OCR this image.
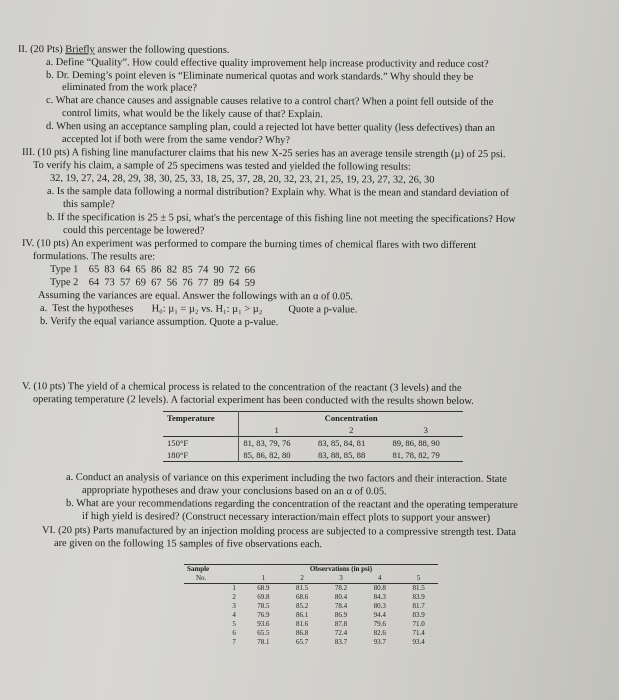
II. (20 Pts) Briefly answer the following questions.
a. Define “Quality”. How could effective quality improvement help increase productivity and reduce cost?
b. Dr. Deming’s point eleven is “Eliminate numerical quotas and work standards.” Why should they be
eliminated from the work place?
c. What are chance causes and assignable causes relative to a control chart? When a point fell outside of the
control limits, what would be the likely cause of that? Explain.
d. When using an acceptance sampling plan, could a rejected lot have better quality (less defectives) than an
accepted lot if both were from the same vendor? Why?
III. (10 pts) A fishing line manufacturer claims that his new X-25 series has an average tensile strength (µ) of 25 psi.
To verify his claim, a sample of 25 specimens was tested and yielded the following results:
32, 19, 27, 24, 28, 29, 38, 30, 25, 33, 18, 25, 37, 28, 20, 32, 23, 21, 25, 19, 23, 27, 32, 26, 30
a. Is the sample data following a normal distribution? Explain why. What is the mean and standard deviation of
this sample?
b. If the specification is 25 ± 5 psi, what's the percentage of this fishing line not meeting the specifications? How
could this percentage be lowered?
IV. (10 pts) An experiment was performed to compare the burning times of chemical flares with two different
formulations. The results are:
Type 1    65  83  64  65  86  82  85  74  90  72  66
Type 2    64  73  57  69  67  56  76  77  89  64  59
Assuming the variances are equal. Answer the followings with an α of 0.05.
a.  Test the hypotheses       H₀: µ₁ = µ₂ vs. H₁: µ₁ > µ₂          Quote a p-value.
b. Verify the equal variance assumption. Quote a p-value.
V. (10 pts) The yield of a chemical process is related to the concentration of the reactant (3 levels) and the
operating temperature (2 levels). A factorial experiment has been conducted with the results shown below.
Temperature	Concentration		
	1	2	3
150°F	81, 83, 79, 76	83, 85, 84, 81	89, 86, 88, 90
180°F	85, 86, 82, 80	83, 88, 85, 88	81, 78, 82, 79
a. Conduct an analysis of variance on this experiment including the two factors and their interaction. State
appropriate hypotheses and draw your conclusions based on an α of 0.05.
b. What are your recommendations regarding the concentration of the reactant and the operating temperature
if high yield is desired? (Construct necessary interaction/main effect plots to support your answer)
VI. (20 pts) Parts manufactured by an injection molding process are subjected to a compressive strength test. Data
are given on the following 15 samples of five observations each.
Sample	Observations (in psi)				
No.	1	2	3	4	5
1	68.9	81.5	78.2	80.8	81.5
2	69.8	68.6	80.4	84.3	83.9
3	78.5	85.2	78.4	80.3	81.7
4	76.9	86.1	86.9	94.4	83.9
5	93.6	81.6	87.8	79.6	71.0
6	65.5	86.8	72.4	82.6	71.4
7	78.1	65.7	83.7	93.7	93.4
